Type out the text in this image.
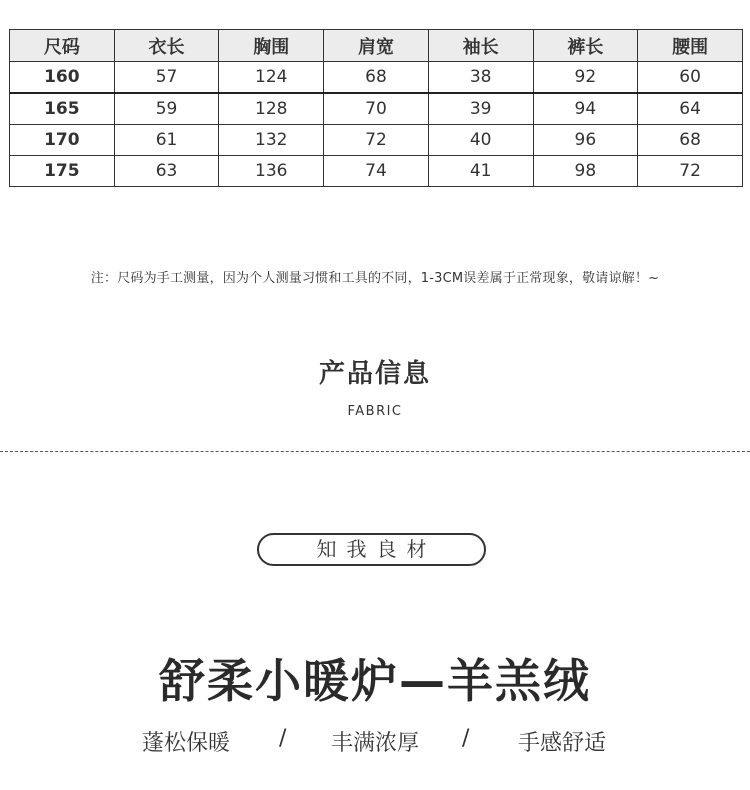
尺码	衣长	胸围	肩宽	袖长	裤长	腰围
160	57	124	68	38	92	60
165	59	128	70	39	94	64
170	61	132	72	40	96	68
175	63	136	74	41	98	72
注：尺码为手工测量，因为个人测量习惯和工具的不同，1-3CM误差属于正常现象，敬请谅解！~
产品信息
FABRIC
知我良材
舒柔小暖炉—羊羔绒
蓬松保暖 / 丰满浓厚 / 手感舒适
